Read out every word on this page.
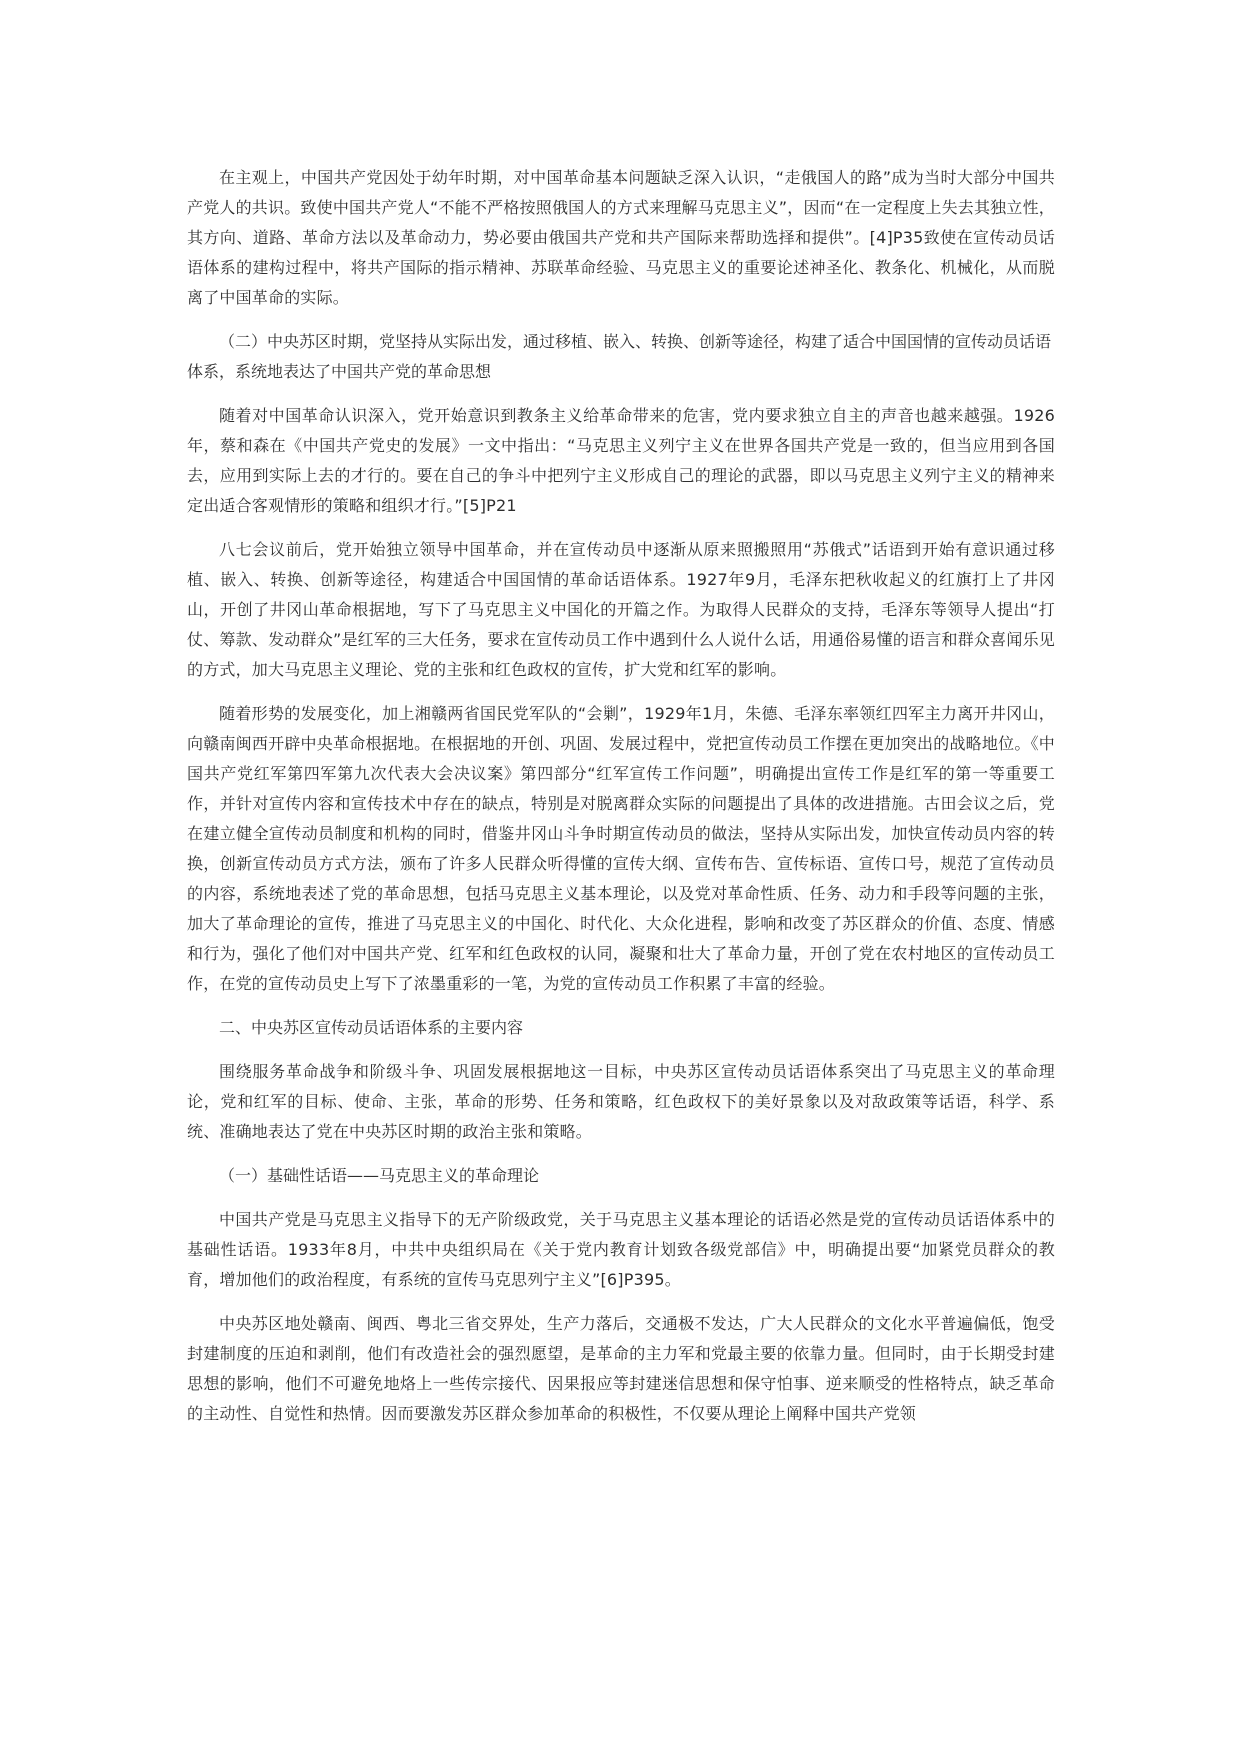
在主观上，中国共产党因处于幼年时期，对中国革命基本问题缺乏深入认识，“走俄国人的路”成为当时大部分中国共产党人的共识。致使中国共产党人“不能不严格按照俄国人的方式来理解马克思主义”，因而“在一定程度上失去其独立性，其方向、道路、革命方法以及革命动力，势必要由俄国共产党和共产国际来帮助选择和提供”。[4]P35致使在宣传动员话语体系的建构过程中，将共产国际的指示精神、苏联革命经验、马克思主义的重要论述神圣化、教条化、机械化，从而脱离了中国革命的实际。

（二）中央苏区时期，党坚持从实际出发，通过移植、嵌入、转换、创新等途径，构建了适合中国国情的宣传动员话语体系，系统地表达了中国共产党的革命思想

随着对中国革命认识深入，党开始意识到教条主义给革命带来的危害，党内要求独立自主的声音也越来越强。1926年，蔡和森在《中国共产党史的发展》一文中指出：“马克思主义列宁主义在世界各国共产党是一致的，但当应用到各国去，应用到实际上去的才行的。要在自己的争斗中把列宁主义形成自己的理论的武器，即以马克思主义列宁主义的精神来定出适合客观情形的策略和组织才行。”[5]P21

八七会议前后，党开始独立领导中国革命，并在宣传动员中逐渐从原来照搬照用“苏俄式”话语到开始有意识通过移植、嵌入、转换、创新等途径，构建适合中国国情的革命话语体系。1927年9月，毛泽东把秋收起义的红旗打上了井冈山，开创了井冈山革命根据地，写下了马克思主义中国化的开篇之作。为取得人民群众的支持，毛泽东等领导人提出“打仗、筹款、发动群众”是红军的三大任务，要求在宣传动员工作中遇到什么人说什么话，用通俗易懂的语言和群众喜闻乐见的方式，加大马克思主义理论、党的主张和红色政权的宣传，扩大党和红军的影响。

随着形势的发展变化，加上湘赣两省国民党军队的“会剿”，1929年1月，朱德、毛泽东率领红四军主力离开井冈山，向赣南闽西开辟中央革命根据地。在根据地的开创、巩固、发展过程中，党把宣传动员工作摆在更加突出的战略地位。《中国共产党红军第四军第九次代表大会决议案》第四部分“红军宣传工作问题”，明确提出宣传工作是红军的第一等重要工作，并针对宣传内容和宣传技术中存在的缺点，特别是对脱离群众实际的问题提出了具体的改进措施。古田会议之后，党在建立健全宣传动员制度和机构的同时，借鉴井冈山斗争时期宣传动员的做法，坚持从实际出发，加快宣传动员内容的转换，创新宣传动员方式方法，颁布了许多人民群众听得懂的宣传大纲、宣传布告、宣传标语、宣传口号，规范了宣传动员的内容，系统地表述了党的革命思想，包括马克思主义基本理论，以及党对革命性质、任务、动力和手段等问题的主张，加大了革命理论的宣传，推进了马克思主义的中国化、时代化、大众化进程，影响和改变了苏区群众的价值、态度、情感和行为，强化了他们对中国共产党、红军和红色政权的认同，凝聚和壮大了革命力量，开创了党在农村地区的宣传动员工作，在党的宣传动员史上写下了浓墨重彩的一笔，为党的宣传动员工作积累了丰富的经验。

二、中央苏区宣传动员话语体系的主要内容

围绕服务革命战争和阶级斗争、巩固发展根据地这一目标，中央苏区宣传动员话语体系突出了马克思主义的革命理论，党和红军的目标、使命、主张，革命的形势、任务和策略，红色政权下的美好景象以及对敌政策等话语，科学、系统、准确地表达了党在中央苏区时期的政治主张和策略。

（一）基础性话语——马克思主义的革命理论

中国共产党是马克思主义指导下的无产阶级政党，关于马克思主义基本理论的话语必然是党的宣传动员话语体系中的基础性话语。1933年8月，中共中央组织局在《关于党内教育计划致各级党部信》中，明确提出要“加紧党员群众的教育，增加他们的政治程度，有系统的宣传马克思列宁主义”[6]P395。

中央苏区地处赣南、闽西、粤北三省交界处，生产力落后，交通极不发达，广大人民群众的文化水平普遍偏低，饱受封建制度的压迫和剥削，他们有改造社会的强烈愿望，是革命的主力军和党最主要的依靠力量。但同时，由于长期受封建思想的影响，他们不可避免地烙上一些传宗接代、因果报应等封建迷信思想和保守怕事、逆来顺受的性格特点，缺乏革命的主动性、自觉性和热情。因而要激发苏区群众参加革命的积极性，不仅要从理论上阐释中国共产党领
